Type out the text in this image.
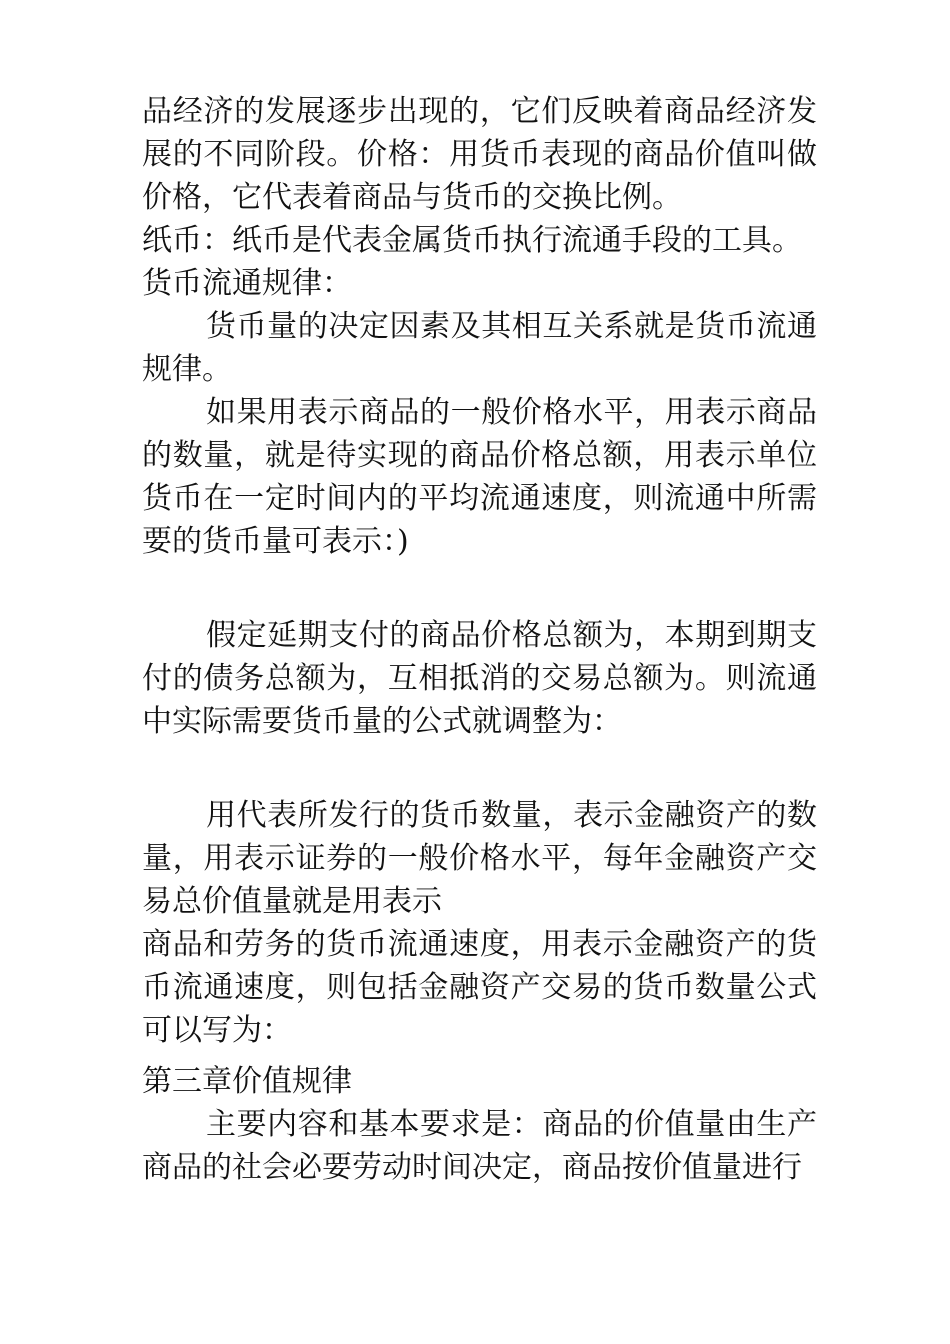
品经济的发展逐步出现的，它们反映着商品经济发展的不同阶段。价格：用货币表现的商品价值叫做价格，它代表着商品与货币的交换比例。

纸币：纸币是代表金属货币执行流通手段的工具。

货币流通规律：

货币量的决定因素及其相互关系就是货币流通规律。

如果用表示商品的一般价格水平，用表示商品的数量，就是待实现的商品价格总额，用表示单位货币在一定时间内的平均流通速度，则流通中所需要的货币量可表示：)

假定延期支付的商品价格总额为，本期到期支付的债务总额为，互相抵消的交易总额为。则流通中实际需要货币量的公式就调整为：

用代表所发行的货币数量，表示金融资产的数量，用表示证券的一般价格水平，每年金融资产交易总价值量就是用表示

商品和劳务的货币流通速度，用表示金融资产的货币流通速度，则包括金融资产交易的货币数量公式可以写为：

第三章价值规律

主要内容和基本要求是：商品的价值量由生产商品的社会必要劳动时间决定，商品按价值量进行
